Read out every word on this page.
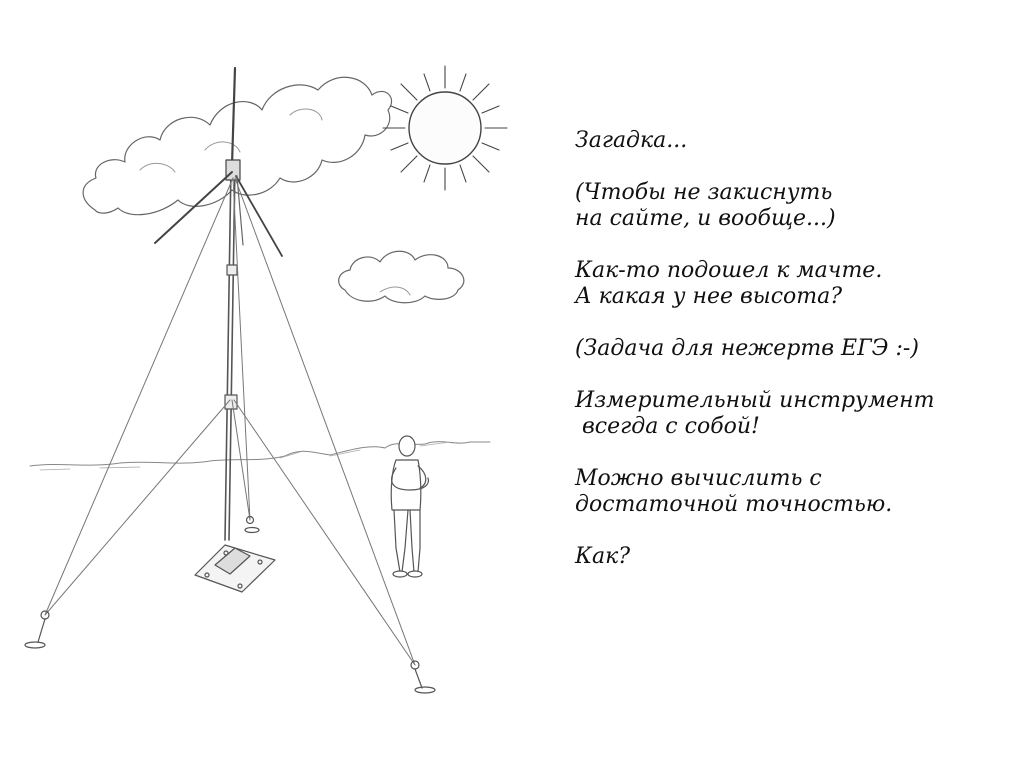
Загадка...
(Чтобы не закиснуть
на сайте, и вообще...)
Как-то подошел к мачте.
А какая у нее высота?
(Задача для нежертв ЕГЭ :-)
Измерительный инструмент
всегда с собой!
Можно вычислить с
достаточной точностью.
Как?
